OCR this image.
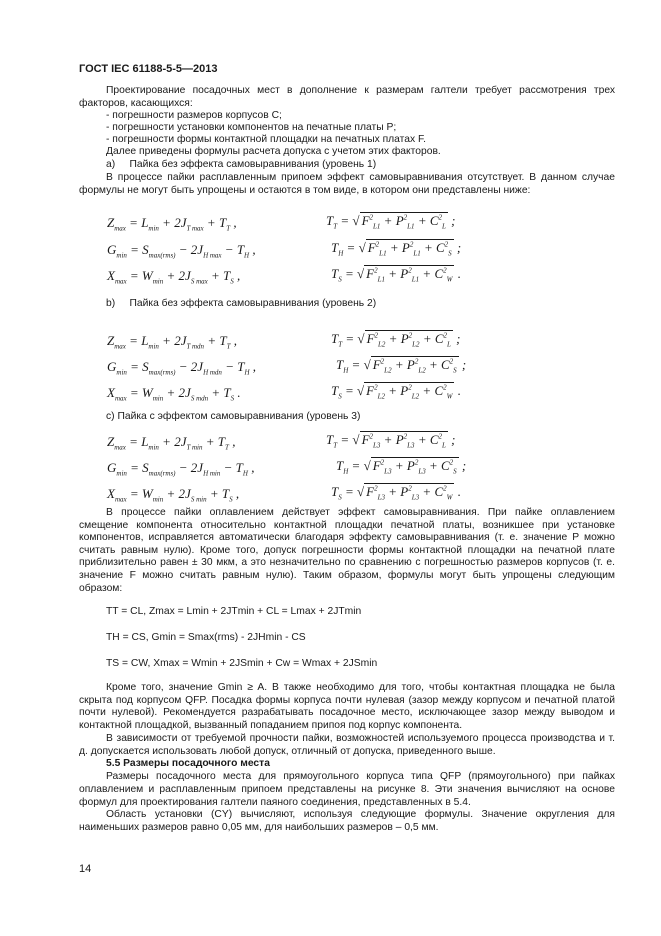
ГОСТ IEC 61188-5-5—2013
Проектирование посадочных мест в дополнение к размерам галтели требует рассмотрения трех факторов, касающихся:
- погрешности размеров корпусов C;
- погрешности установки компонентов на печатные платы P;
- погрешности формы контактной площадки на печатных платах F.
Далее приведены формулы расчета допуска с учетом этих факторов.
a)     Пайка без эффекта самовыравнивания (уровень 1)
В процессе пайки расплавленным припоем эффект самовыравнивания отсутствует. В данном случае формулы не могут быть упрощены и остаются в том виде, в котором они представлены ниже:
$Z_{max} = L_{min} + 2J_{T max} + T_T$ ,	$T_T$ = √ $F^2_{L1} + P^2_{L1} + C^2_L$ ;
$G_{min} = S_{max(rms)} - 2J_{H max} - T_H$ ,	$T_H$ = √ $F^2_{L1} + P^2_{L1} + C^2_S$ ;
$X_{max} = W_{min} + 2J_{S max} + T_S$ ,	$T_S$ = √ $F^2_{L1} + P^2_{L1} + C^2_W$ .
b)     Пайка без эффекта самовыравнивания (уровень 2)
$Z_{max} = L_{min} + 2J_{T mdn} + T_T$ ,	$T_T$ = √ $F^2_{L2} + P^2_{L2} + C^2_L$ ;
$G_{min} = S_{max(rms)} - 2J_{H mdn} - T_H$ ,	$T_H$ = √ $F^2_{L2} + P^2_{L2} + C^2_S$ ;
$X_{max} = W_{min} + 2J_{S mdn} + T_S$ .	$T_S$ = √ $F^2_{L2} + P^2_{L2} + C^2_W$ .
c) Пайка с эффектом самовыравнивания (уровень 3)
$Z_{max} = L_{min} + 2J_{T min} + T_T$ ,	$T_T$ = √ $F^2_{L3} + P^2_{L3} + C^2_L$ ;
$G_{min} = S_{max(rms)} - 2J_{H min} - T_H$ ,	$T_H$ = √ $F^2_{L3} + P^2_{L3} + C^2_S$ ;
$X_{max} = W_{min} + 2J_{S min} + T_S$ ,	$T_S$ = √ $F^2_{L3} + P^2_{L3} + C^2_W$ .
В процессе пайки оплавлением действует эффект самовыравнивания. При пайке оплавлением смещение компонента относительно контактной площадки печатной платы, возникшее при установке компонентов, исправляется автоматически благодаря эффекту самовыравнивания (т. е. значение P можно считать равным нулю). Кроме того, допуск погрешности формы контактной площадки на печатной плате приблизительно равен ± 30 мкм, а это незначительно по сравнению с погрешностью размеров корпусов (т. е. значение F можно считать равным нулю). Таким образом, формулы могут быть упрощены следующим образом:
TT = CL, Zmax = Lmin + 2JTmin + CL = Lmax + 2JTmin
TH = CS, Gmin = Smax(rms) - 2JHmin - CS
TS = CW, Xmax = Wmin + 2JSmin + Cw = Wmax + 2JSmin
Кроме того, значение Gmin ≥ A. В также необходимо для того, чтобы контактная площадка не была скрыта под корпусом QFP. Посадка формы корпуса почти нулевая (зазор между корпусом и печатной платой почти нулевой). Рекомендуется разрабатывать посадочное место, исключающее зазор между выводом и контактной площадкой, вызванный попаданием припоя под корпус компонента.
В зависимости от требуемой прочности пайки, возможностей используемого процесса производства и т. д. допускается использовать любой допуск, отличный от допуска, приведенного выше.
5.5 Размеры посадочного места
Размеры посадочного места для прямоугольного корпуса типа QFP (прямоугольного) при пайках оплавлением и расплавленным припоем представлены на рисунке 8. Эти значения вычисляют на основе формул для проектирования галтели паяного соединения, представленных в 5.4.
Область установки (CY) вычисляют, используя следующие формулы. Значение округления для наименьших размеров равно 0,05 мм, для наибольших размеров – 0,5 мм.
14
